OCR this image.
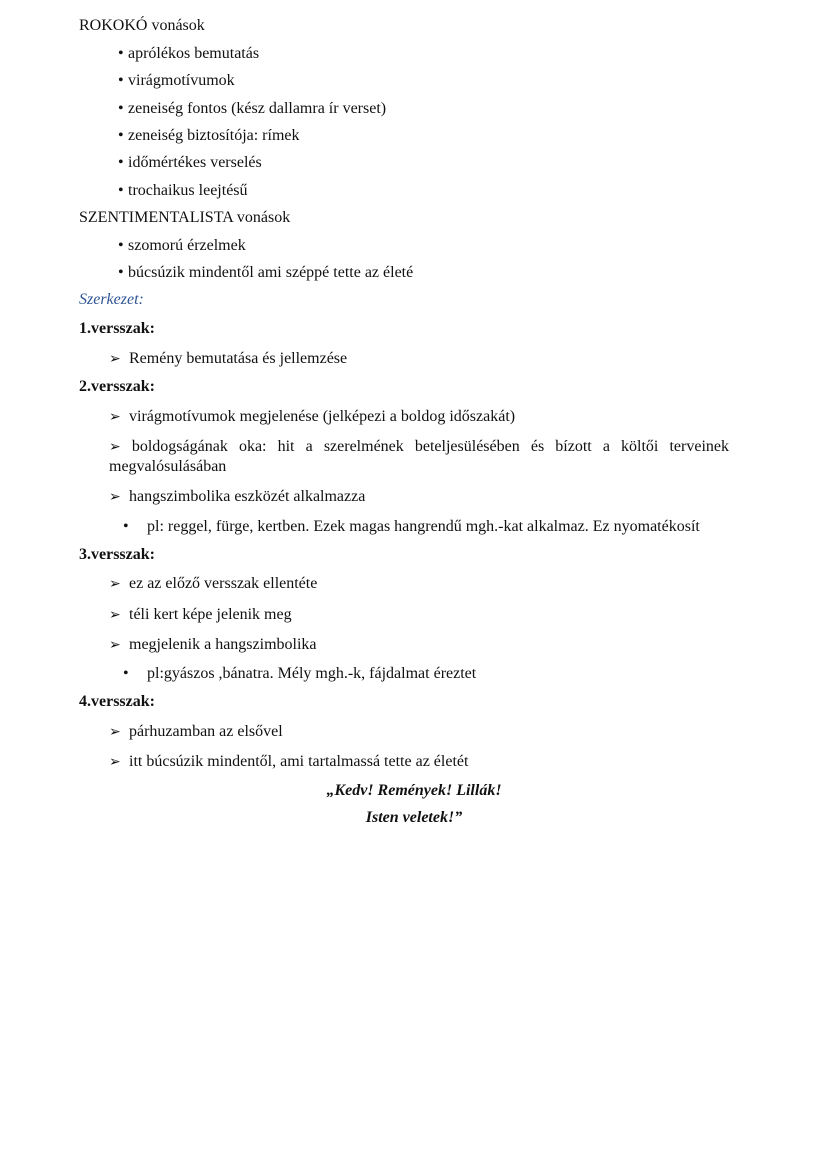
ROKOKÓ vonások
• aprólékos bemutatás
• virágmotívumok
• zeneiség fontos (kész dallamra ír verset)
• zeneiség biztosítója: rímek
• időmértékes verselés
• trochaikus leejtésű
SZENTIMENTALISTA vonások
• szomorú érzelmek
• búcsúzik mindentől ami széppé tette az életé
Szerkezet:
1.versszak:
➢ Remény bemutatása és jellemzése
2.versszak:
➢ virágmotívumok megjelenése (jelképezi a boldog időszakát)
➢ boldogságának oka: hit a szerelmének beteljesülésében és bízott a költői terveinek megvalósulásában
➢ hangszimbolika eszközét alkalmazza
• pl: reggel, fürge, kertben. Ezek magas hangrendű mgh.-kat alkalmaz. Ez nyomatékosít
3.versszak:
➢ ez az előző versszak ellentéte
➢ téli kert képe jelenik meg
➢ megjelenik a hangszimbolika
• pl:gyászos ,bánatra. Mély mgh.-k, fájdalmat éreztet
4.versszak:
➢ párhuzamban az elsővel
➢ itt búcsúzik mindentől, ami tartalmassá tette az életét
„Kedv! Remények! Lillák!
Isten veletek!”
